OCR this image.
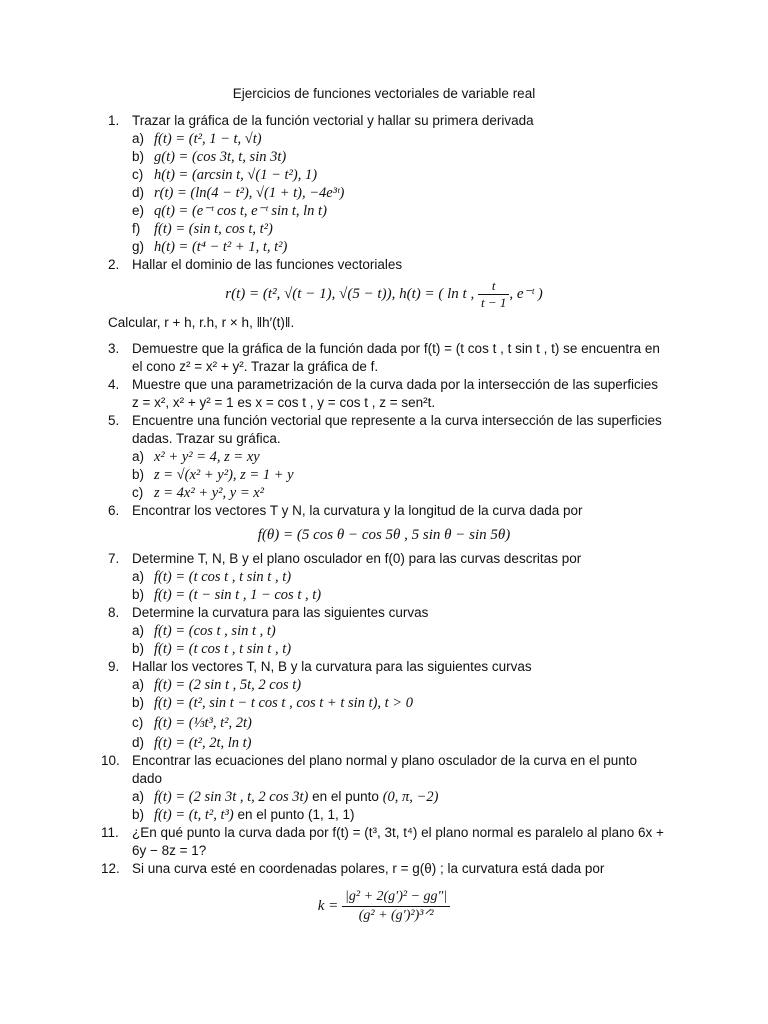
Ejercicios de funciones vectoriales de variable real
1. Trazar la gráfica de la función vectorial y hallar su primera derivada
a) f(t) = (t², 1 − t, √t)
b) g(t) = (cos 3t, t, sin 3t)
c) h(t) = (arcsin t, √(1 − t²), 1)
d) r(t) = (ln(4 − t²), √(1 + t), −4e³ᵗ)
e) q(t) = (e⁻ᵗ cos t, e⁻ᵗ sin t, ln t)
f) f(t) = (sin t, cos t, t²)
g) h(t) = (t⁴ − t² + 1, t, t²)
2. Hallar el dominio de las funciones vectoriales
r(t) = (t², √(t − 1), √(5 − t)), h(t) = ( ln t , $\frac{t}{t - 1}$ , e⁻ᵗ )
Calcular, r + h, r.h, r × h, ‖h′(t)‖.
3. Demuestre que la gráfica de la función dada por f(t) = (t cos t , t sin t , t) se encuentra en el cono z² = x² + y². Trazar la gráfica de f.
4. Muestre que una parametrización de la curva dada por la intersección de las superficies z = x², x² + y² = 1 es x = cos t , y = cos t , z = sen²t.
5. Encuentre una función vectorial que represente a la curva intersección de las superficies dadas. Trazar su gráfica.
a) x² + y² = 4, z = xy
b) z = √(x² + y²), z = 1 + y
c) z = 4x² + y², y = x²
6. Encontrar los vectores T y N, la curvatura y la longitud de la curva dada por
f(θ) = (5 cos θ − cos 5θ , 5 sin θ − sin 5θ)
7. Determine T, N, B y el plano osculador en f(0) para las curvas descritas por
a) f(t) = (t cos t , t sin t , t)
b) f(t) = (t − sin t , 1 − cos t , t)
8. Determine la curvatura para las siguientes curvas
a) f(t) = (cos t , sin t , t)
b) f(t) = (t cos t , t sin t , t)
9. Hallar los vectores T, N, B y la curvatura para las siguientes curvas
a) f(t) = (2 sin t , 5t, 2 cos t)
b) f(t) = (t², sin t − t cos t , cos t + t sin t), t > 0
c) f(t) = (⅓t³, t², 2t)
d) f(t) = (t², 2t, ln t)
10. Encontrar las ecuaciones del plano normal y plano osculador de la curva en el punto dado
a) f(t) = (2 sin 3t , t, 2 cos 3t) en el punto (0, π, −2)
b) f(t) = (t, t², t³) en el punto (1, 1, 1)
11. ¿En qué punto la curva dada por f(t) = (t³, 3t, t⁴) el plano normal es paralelo al plano 6x + 6y − 8z = 1?
12. Si una curva esté en coordenadas polares, r = g(θ) ; la curvatura está dada por
$k = \frac{\text{|g² + 2(g′)² − gg″|}}{\text{(g² + (g′)²)³ᐟ²}}$
